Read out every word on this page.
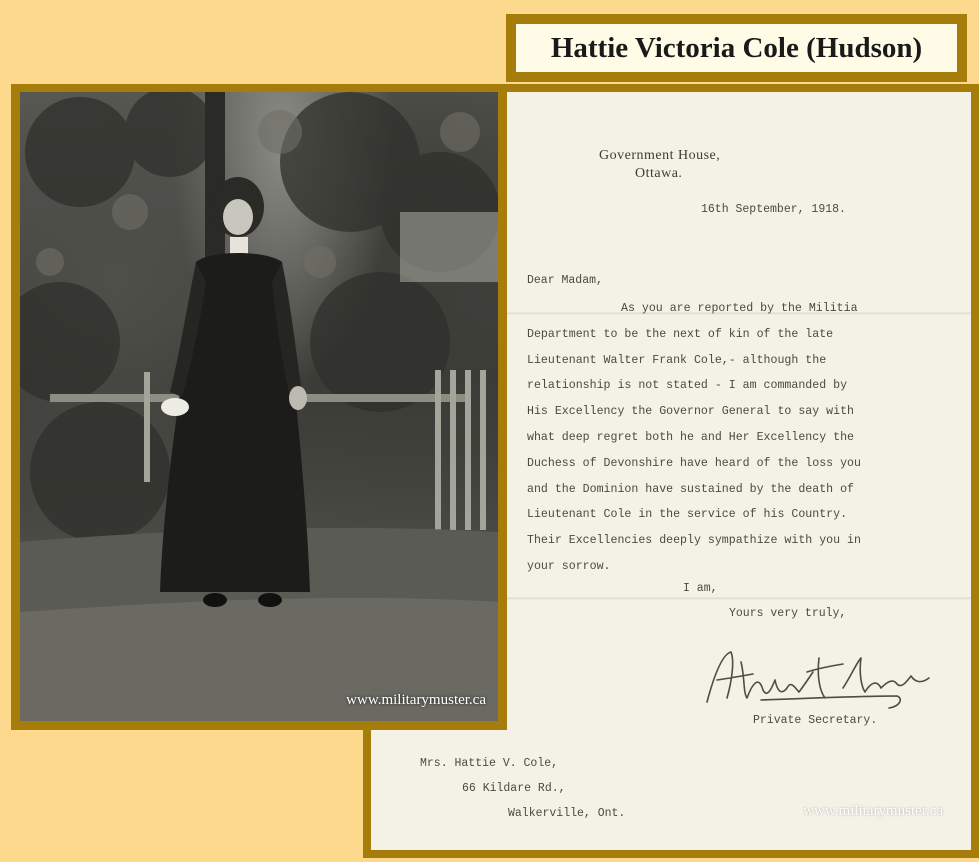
Hattie Victoria Cole (Hudson)
Government House,
Ottawa.
16th September, 1918.
Dear Madam,
As you are reported by the Militia
Department to be the next of kin of the late
Lieutenant Walter Frank Cole,- although the
relationship is not stated - I am commanded by
His Excellency the Governor General to say with
what deep regret both he and Her Excellency the
Duchess of Devonshire have heard of the loss you
and the Dominion have sustained by the death of
Lieutenant Cole in the service of his Country.
Their Excellencies deeply sympathize with you in
your sorrow.
I am,
Yours very truly,
Private Secretary.
Mrs. Hattie V. Cole,
66 Kildare Rd.,
Walkerville, Ont.	www.militarymuster.ca
www.militarymuster.ca
